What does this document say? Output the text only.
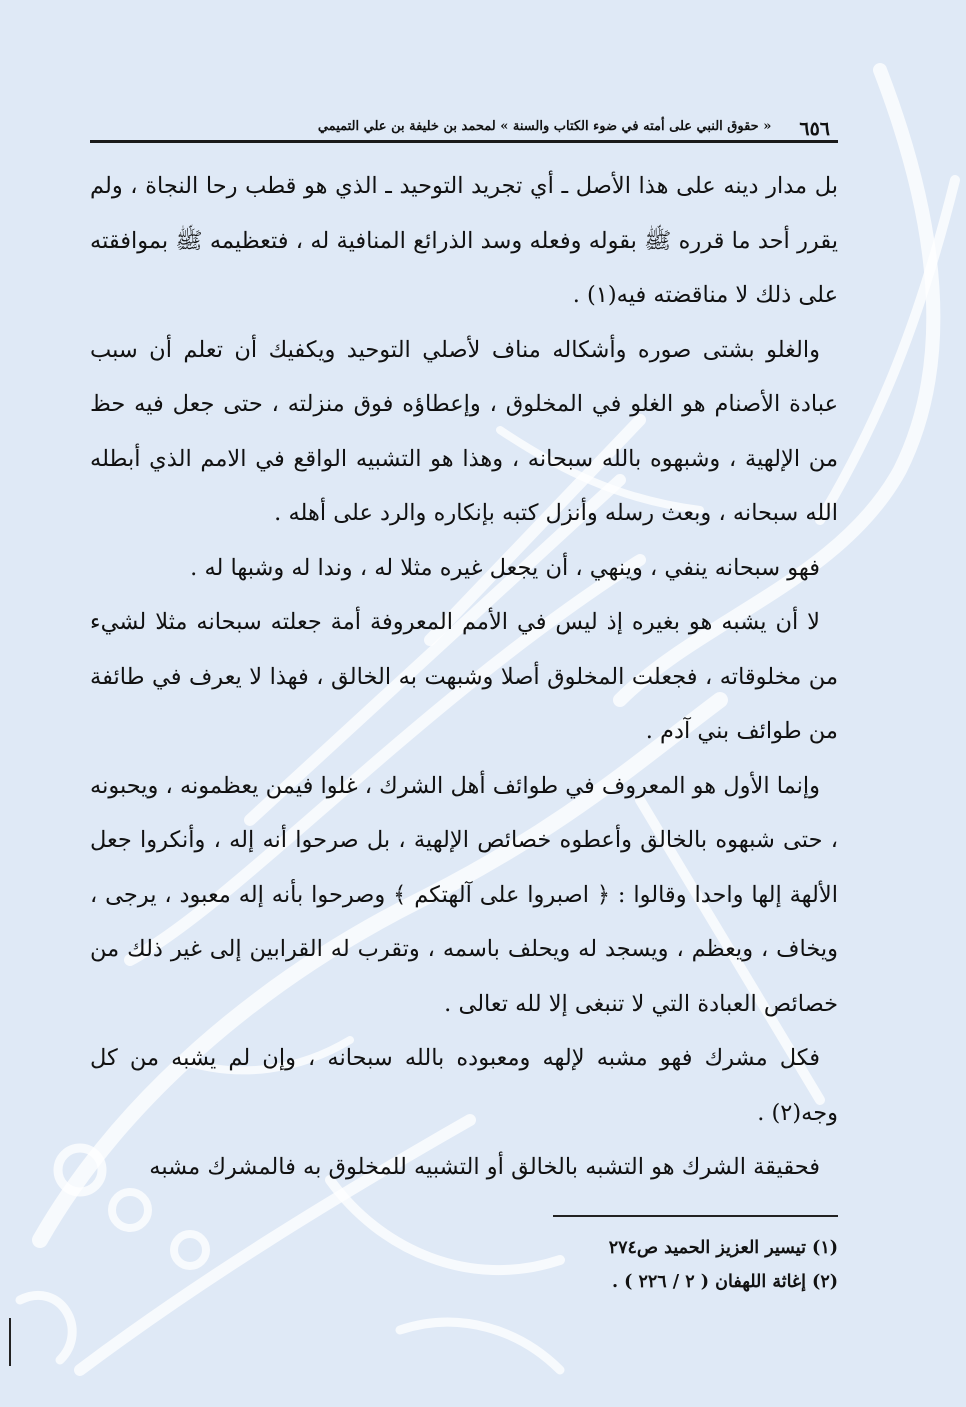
٦٥٦
« حقوق النبي على أمته في ضوء الكتاب والسنة » لمحمد بن خليفة بن علي التميمي

بل مدار دينه على هذا الأصل ـ أي تجريد التوحيد ـ الذي هو قطب رحا النجاة ، ولم يقرر أحد ما قرره ﷺ بقوله وفعله وسد الذرائع المنافية له ، فتعظيمه ﷺ بموافقته على ذلك لا مناقضته فيه(١) .

والغلو بشتى صوره وأشكاله مناف لأصلي التوحيد ويكفيك أن تعلم أن سبب عبادة الأصنام هو الغلو في المخلوق ، وإعطاؤه فوق منزلته ، حتى جعل فيه حظ من الإلهية ، وشبهوه بالله سبحانه ، وهذا هو التشبيه الواقع في الامم الذي أبطله الله سبحانه ، وبعث رسله وأنزل كتبه بإنكاره والرد على أهله .

فهو سبحانه ينفي ، وينهي ، أن يجعل غيره مثلا له ، وندا له وشبها له .

لا أن يشبه هو بغيره إذ ليس في الأمم المعروفة أمة جعلته سبحانه مثلا لشيء من مخلوقاته ، فجعلت المخلوق أصلا وشبهت به الخالق ، فهذا لا يعرف في طائفة من طوائف بني آدم .

وإنما الأول هو المعروف في طوائف أهل الشرك ، غلوا فيمن يعظمونه ، ويحبونه ، حتى شبهوه بالخالق وأعطوه خصائص الإلهية ، بل صرحوا أنه إله ، وأنكروا جعل الألهة إلها واحدا وقالوا : ﴿ اصبروا على آلهتكم ﴾ وصرحوا بأنه إله معبود ، يرجى ، ويخاف ، ويعظم ، ويسجد له ويحلف باسمه ، وتقرب له القرابين إلى غير ذلك من خصائص العبادة التي لا تنبغى إلا لله تعالى .

فكل مشرك فهو مشبه لإلهه ومعبوده بالله سبحانه ، وإن لم يشبه من كل وجه(٢) .

فحقيقة الشرك هو التشبه بالخالق أو التشبيه للمخلوق به فالمشرك مشبه

(١) تيسير العزيز الحميد ص٢٧٤

(٢) إغاثة اللهفان ( ٢ / ٢٢٦ ) .
